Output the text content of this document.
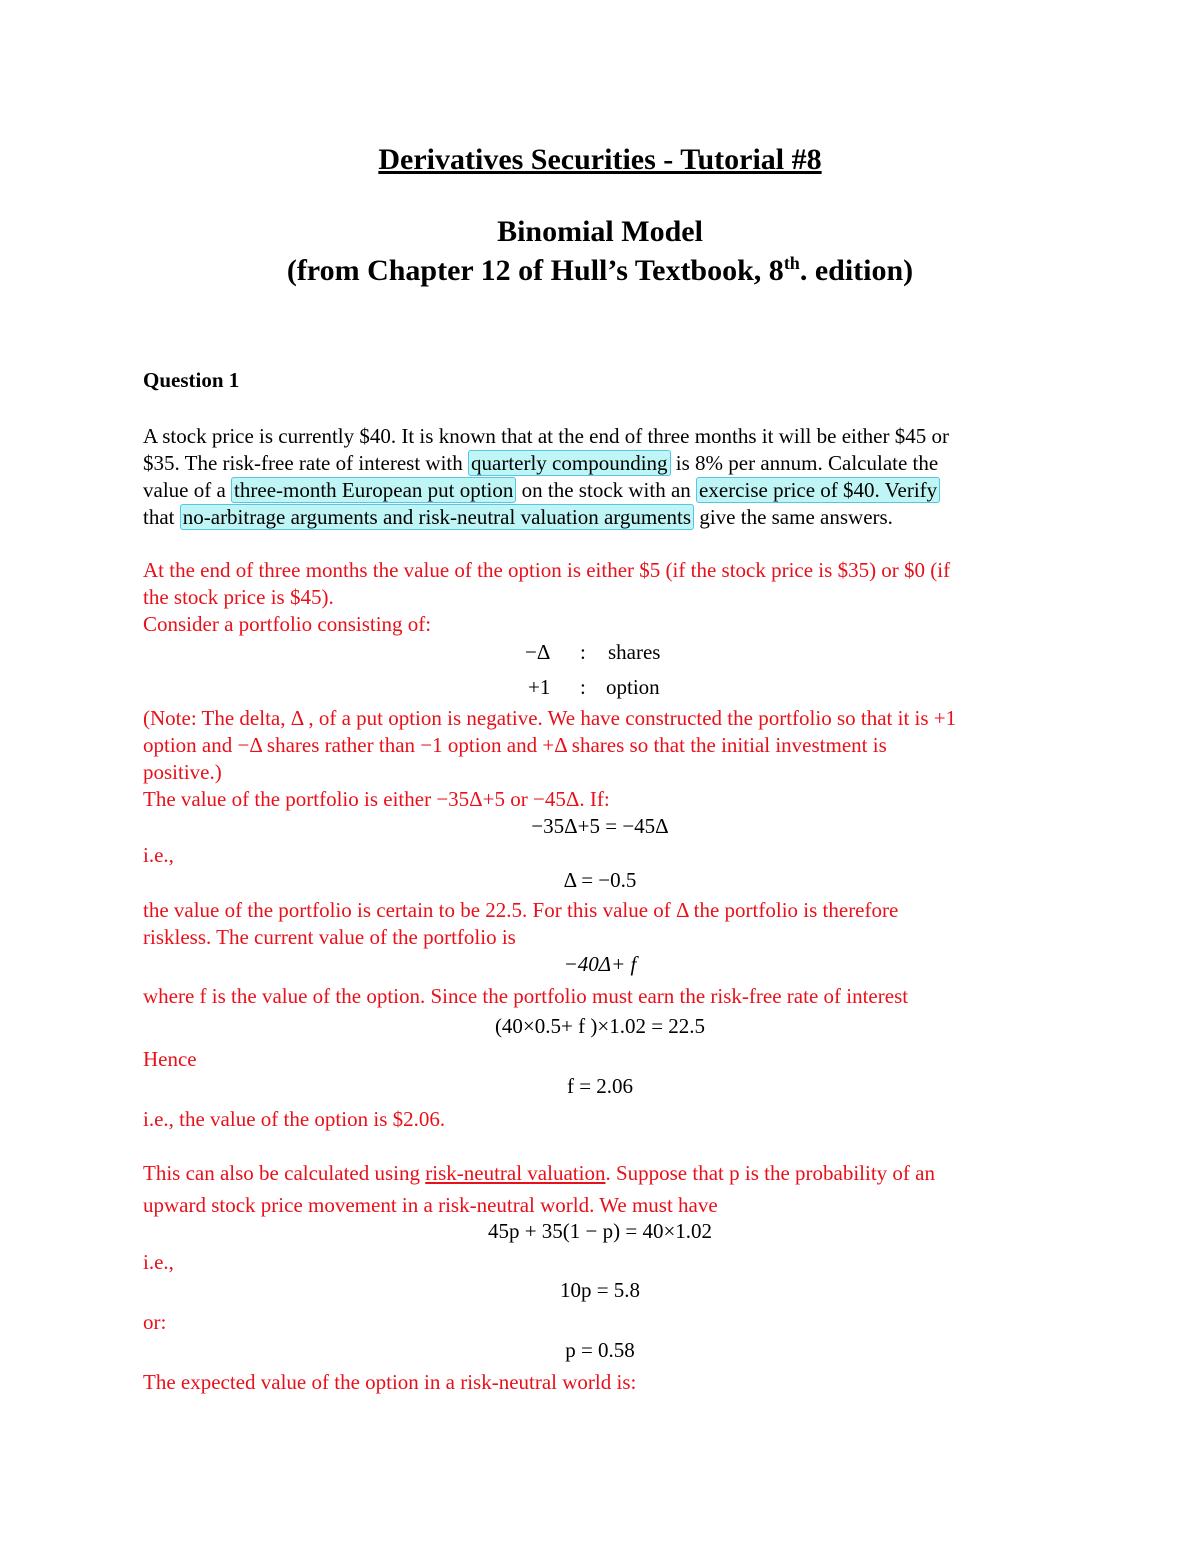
Derivatives Securities - Tutorial #8
Binomial Model
(from Chapter 12 of Hull’s Textbook, 8th. edition)
Question 1
A stock price is currently $40. It is known that at the end of three months it will be either $45 or
$35. The risk-free rate of interest with quarterly compounding is 8% per annum. Calculate the
value of a three-month European put option on the stock with an exercise price of $40. Verify
that no-arbitrage arguments and risk-neutral valuation arguments give the same answers.
At the end of three months the value of the option is either $5 (if the stock price is $35) or $0 (if
the stock price is $45).
Consider a portfolio consisting of:
−Δ : shares
+1 : option
(Note: The delta, Δ , of a put option is negative. We have constructed the portfolio so that it is +1
option and −Δ shares rather than −1 option and +Δ shares so that the initial investment is
positive.)
The value of the portfolio is either −35Δ+5 or −45Δ. If:
−35Δ+5 = −45Δ
i.e.,
Δ = −0.5
the value of the portfolio is certain to be 22.5. For this value of Δ the portfolio is therefore
riskless. The current value of the portfolio is
−40Δ+ f
where f is the value of the option. Since the portfolio must earn the risk-free rate of interest
(40×0.5+ f )×1.02 = 22.5
Hence
f = 2.06
i.e., the value of the option is $2.06.
This can also be calculated using risk-neutral valuation. Suppose that p is the probability of an
upward stock price movement in a risk-neutral world. We must have
45p + 35(1 − p) = 40×1.02
i.e.,
10p = 5.8
or:
p = 0.58
The expected value of the option in a risk-neutral world is:
